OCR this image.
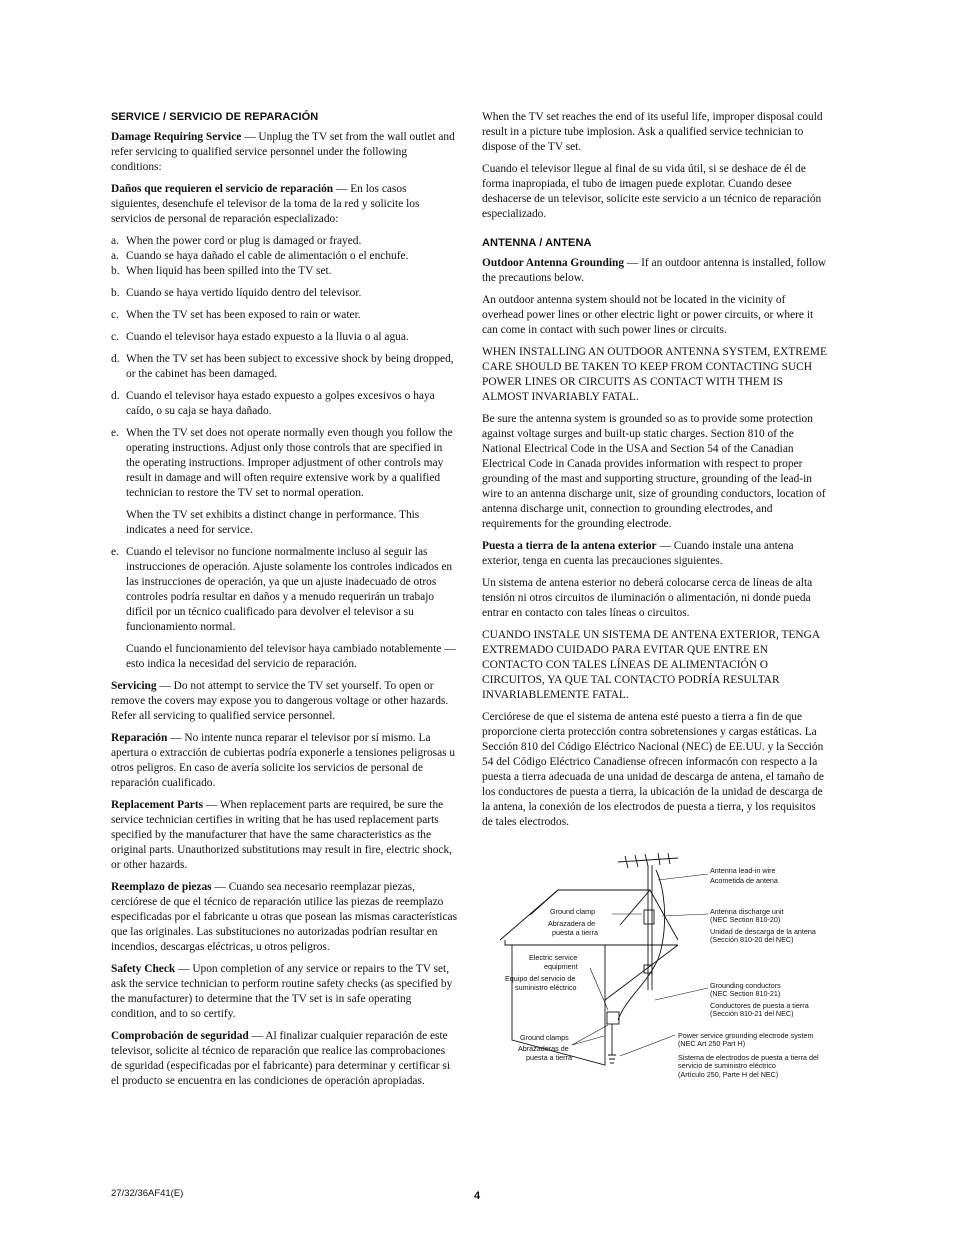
SERVICE / SERVICIO DE REPARACIÓN

Damage Requiring Service — Unplug the TV set from the wall outlet and refer servicing to qualified service personnel under the following conditions:

Daños que requieren el servicio de reparación — En los casos siguientes, desenchufe el televisor de la toma de la red y solicite los servicios de personal de reparación especializado:

a. When the power cord or plug is damaged or frayed.
a. Cuando se haya dañado el cable de alimentación o el enchufe.
b. When liquid has been spilled into the TV set.
b. Cuando se haya vertido líquido dentro del televisor.
c. When the TV set has been exposed to rain or water.
c. Cuando el televisor haya estado expuesto a la lluvia o al agua.
d. When the TV set has been subject to excessive shock by being dropped, or the cabinet has been damaged.
d. Cuando el televisor haya estado expuesto a golpes excesivos o haya caído, o su caja se haya dañado.
e. When the TV set does not operate normally even though you follow the operating instructions. Adjust only those controls that are specified in the operating instructions. Improper adjustment of other controls may result in damage and will often require extensive work by a qualified technician to restore the TV set to normal operation.
When the TV set exhibits a distinct change in performance. This indicates a need for service.
e. Cuando el televisor no funcione normalmente incluso al seguir las instrucciones de operación. Ajuste solamente los controles indicados en las instrucciones de operación, ya que un ajuste inadecuado de otros controles podría resultar en daños y a menudo requerirán un trabajo difícil por un técnico cualificado para devolver el televisor a su funcionamiento normal.
Cuando el funcionamiento del televisor haya cambiado notablemente — esto indica la necesidad del servicio de reparación.

Servicing — Do not attempt to service the TV set yourself. To open or remove the covers may expose you to dangerous voltage or other hazards. Refer all servicing to qualified service personnel.

Reparación — No intente nunca reparar el televisor por sí mismo. La apertura o extracción de cubiertas podría exponerle a tensiones peligrosas u otros peligros. En caso de avería solicite los servicios de personal de reparación cualificado.

Replacement Parts — When replacement parts are required, be sure the service technician certifies in writing that he has used replacement parts specified by the manufacturer that have the same characteristics as the original parts. Unauthorized substitutions may result in fire, electric shock, or other hazards.

Reemplazo de piezas — Cuando sea necesario reemplazar piezas, cerciórese de que el técnico de reparación utilice las piezas de reemplazo especificadas por el fabricante u otras que posean las mismas características que las originales. Las substituciones no autorizadas podrían resultar en incendios, descargas eléctricas, u otros peligros.

Safety Check — Upon completion of any service or repairs to the TV set, ask the service technician to perform routine safety checks (as specified by the manufacturer) to determine that the TV set is in safe operating condition, and to so certify.

Comprobación de seguridad — Al finalizar cualquier reparación de este televisor, solicite al técnico de reparación que realice las comprobaciones de sguridad (especificadas por el fabricante) para determinar y certificar si el producto se encuentra en las condiciones de operación apropiadas.

When the TV set reaches the end of its useful life, improper disposal could result in a picture tube implosion. Ask a qualified service technician to dispose of the TV set.

Cuando el televisor llegue al final de su vida útil, si se deshace de él de forma inapropiada, el tubo de imagen puede explotar. Cuando desee deshacerse de un televisor, solicite este servicio a un técnico de reparación especializado.

ANTENNA / ANTENA

Outdoor Antenna Grounding — If an outdoor antenna is installed, follow the precautions below.

An outdoor antenna system should not be located in the vicinity of overhead power lines or other electric light or power circuits, or where it can come in contact with such power lines or circuits.

WHEN INSTALLING AN OUTDOOR ANTENNA SYSTEM, EXTREME CARE SHOULD BE TAKEN TO KEEP FROM CONTACTING SUCH POWER LINES OR CIRCUITS AS CONTACT WITH THEM IS ALMOST INVARIABLY FATAL.

Be sure the antenna system is grounded so as to provide some protection against voltage surges and built-up static charges. Section 810 of the National Electrical Code in the USA and Section 54 of the Canadian Electrical Code in Canada provides information with respect to proper grounding of the mast and supporting structure, grounding of the lead-in wire to an antenna discharge unit, size of grounding conductors, location of antenna discharge unit, connection to grounding electrodes, and requirements for the grounding electrode.

Puesta a tierra de la antena exterior — Cuando instale una antena exterior, tenga en cuenta las precauciones siguientes.

Un sistema de antena esterior no deberá colocarse cerca de líneas de alta tensión ni otros circuitos de iluminación o alimentación, ni donde pueda entrar en contacto con tales líneas o circuitos.

CUANDO INSTALE UN SISTEMA DE ANTENA EXTERIOR, TENGA EXTREMADO CUIDADO PARA EVITAR QUE ENTRE EN CONTACTO CON TALES LÍNEAS DE ALIMENTACIÓN O CIRCUITOS, YA QUE TAL CONTACTO PODRÍA RESULTAR INVARIABLEMENTE FATAL.

Cerciórese de que el sistema de antena esté puesto a tierra a fin de que proporcione cierta protección contra sobretensiones y cargas estáticas. La Sección 810 del Código Eléctrico Nacional (NEC) de EE.UU. y la Sección 54 del Código Eléctrico Canadiense ofrecen informacón con respecto a la puesta a tierra adecuada de una unidad de descarga de antena, el tamaño de los conductores de puesta a tierra, la ubicación de la unidad de descarga de la antena, la conexión de los electrodos de puesta a tierra, y los requisitos de tales electrodos.

Antenna lead-in wire
Acometida de antena
Ground clamp
Abrazadera de
puesta a tierra
Antenna discharge unit
(NEC Section 810-20)
Unidad de descarga de la antena
(Sección 810-20 del NEC)
Electric service
equipment
Equipo del servicio de
suministro eléctrico	Grounding conductors
(NEC Section 810-21)
Conductores de puesta a tierra
(Sección 810-21 del NEC)
Ground clamps
Abrazaderas de
puesta a tierra
Power service grounding electrode system
(NEC Art 250 Part H)
Sistema de electrodos de puesta a tierra del
servicio de suministro eléctrico
(Artículo 250, Parte H del NEC)
27/32/36AF41(E)	4
